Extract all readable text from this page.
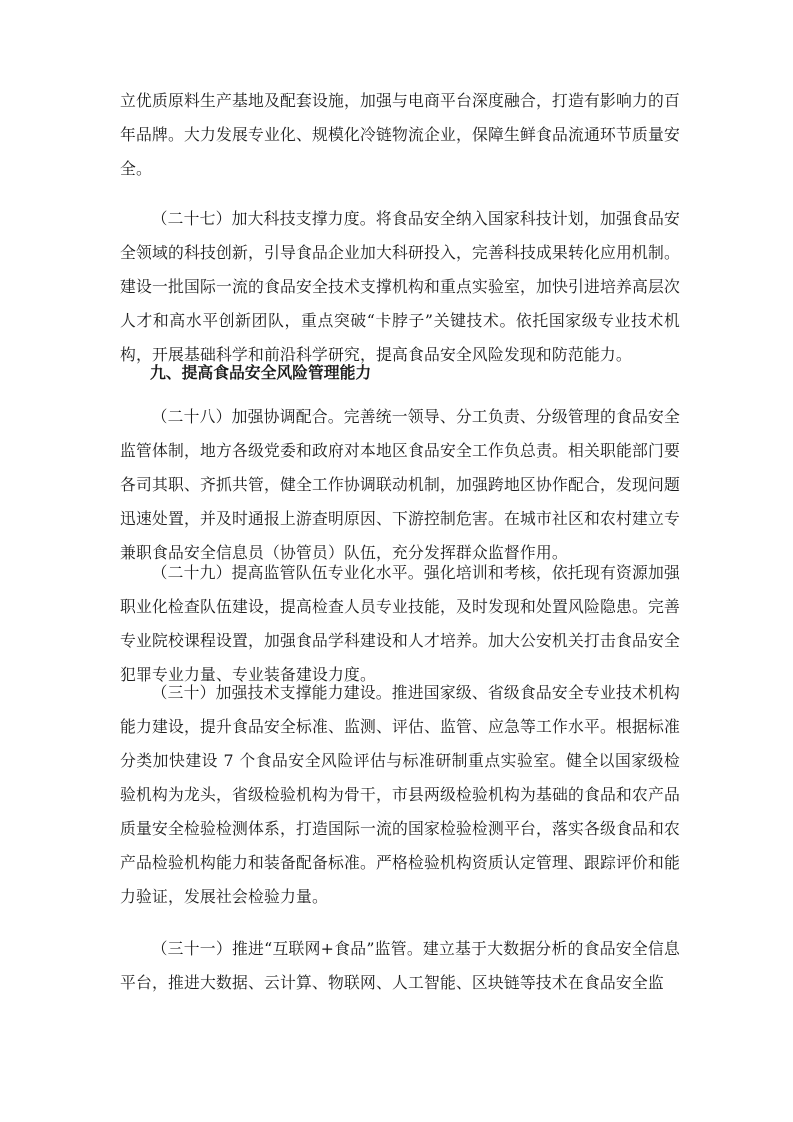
立优质原料生产基地及配套设施，加强与电商平台深度融合，打造有影响力的百年品牌。大力发展专业化、规模化冷链物流企业，保障生鲜食品流通环节质量安全。

（二十七）加大科技支撑力度。将食品安全纳入国家科技计划，加强食品安全领域的科技创新，引导食品企业加大科研投入，完善科技成果转化应用机制。建设一批国际一流的食品安全技术支撑机构和重点实验室，加快引进培养高层次人才和高水平创新团队，重点突破“卡脖子”关键技术。依托国家级专业技术机构，开展基础科学和前沿科学研究，提高食品安全风险发现和防范能力。

九、提高食品安全风险管理能力

（二十八）加强协调配合。完善统一领导、分工负责、分级管理的食品安全监管体制，地方各级党委和政府对本地区食品安全工作负总责。相关职能部门要各司其职、齐抓共管，健全工作协调联动机制，加强跨地区协作配合，发现问题迅速处置，并及时通报上游查明原因、下游控制危害。在城市社区和农村建立专兼职食品安全信息员（协管员）队伍，充分发挥群众监督作用。

（二十九）提高监管队伍专业化水平。强化培训和考核，依托现有资源加强职业化检查队伍建设，提高检查人员专业技能，及时发现和处置风险隐患。完善专业院校课程设置，加强食品学科建设和人才培养。加大公安机关打击食品安全犯罪专业力量、专业装备建设力度。

（三十）加强技术支撑能力建设。推进国家级、省级食品安全专业技术机构能力建设，提升食品安全标准、监测、评估、监管、应急等工作水平。根据标准分类加快建设 7 个食品安全风险评估与标准研制重点实验室。健全以国家级检验机构为龙头，省级检验机构为骨干，市县两级检验机构为基础的食品和农产品质量安全检验检测体系，打造国际一流的国家检验检测平台，落实各级食品和农产品检验机构能力和装备配备标准。严格检验机构资质认定管理、跟踪评价和能力验证，发展社会检验力量。

（三十一）推进“互联网+食品”监管。建立基于大数据分析的食品安全信息平台，推进大数据、云计算、物联网、人工智能、区块链等技术在食品安全监
